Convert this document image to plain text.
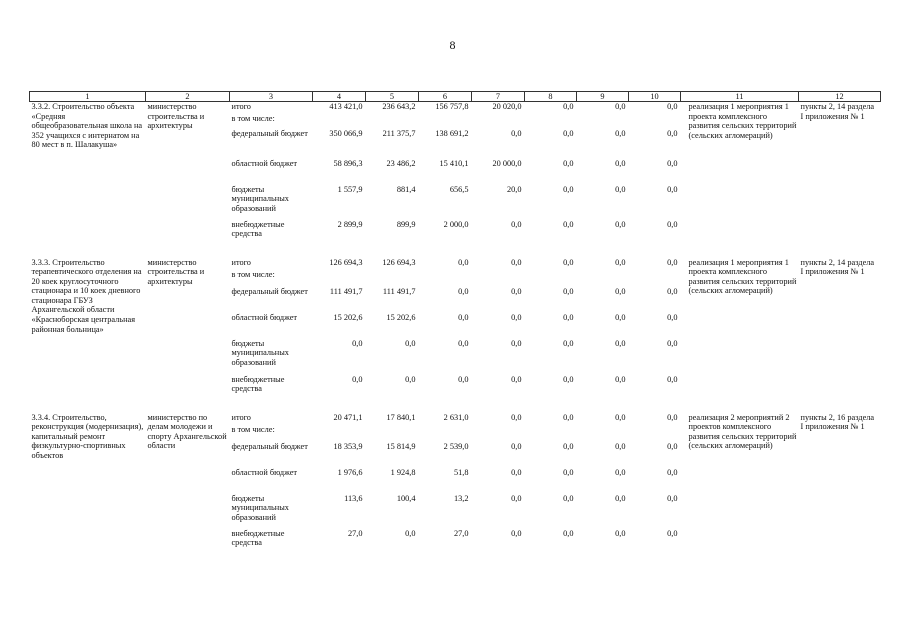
8
1	2	3	4	5	6	7	8	9	10	11	12
3.3.2. Строительство объекта «Средняя общеобразовательная школа на 352 учащихся с интернатом на 80 мест в п. Шалакуша»	министерство строительства и архитектуры	итого	413 421,0	236 643,2	156 757,8	20 020,0	0,0	0,0	0,0	реализация 1 мероприятия 1 проекта комплексного развития сельских территорий (сельских агломераций)	пункты 2, 14 раздела I приложения № 1
		в том числе:									
		федеральный бюджет	350 066,9	211 375,7	138 691,2	0,0	0,0	0,0	0,0		
		областной бюджет	58 896,3	23 486,2	15 410,1	20 000,0	0,0	0,0	0,0		
		бюджеты муниципальных образований	1 557,9	881,4	656,5	20,0	0,0	0,0	0,0		
		внебюджетные средства	2 899,9	899,9	2 000,0	0,0	0,0	0,0	0,0		

3.3.3. Строительство терапевтического отделения на 20 коек круглосуточного стационара и 10 коек дневного стационара ГБУЗ Архангельской области «Красноборская центральная районная больница»	министерство строительства и архитектуры	итого	126 694,3	126 694,3	0,0	0,0	0,0	0,0	0,0	реализация 1 мероприятия 1 проекта комплексного развития сельских территорий (сельских агломераций)	пункты 2, 14 раздела I приложения № 1
		в том числе:									
		федеральный бюджет	111 491,7	111 491,7	0,0	0,0	0,0	0,0	0,0		
		областной бюджет	15 202,6	15 202,6	0,0	0,0	0,0	0,0	0,0		
		бюджеты муниципальных образований	0,0	0,0	0,0	0,0	0,0	0,0	0,0		
		внебюджетные средства	0,0	0,0	0,0	0,0	0,0	0,0	0,0		

3.3.4. Строительство, реконструкция (модернизация), капитальный ремонт физкультурно-спортивных объектов	министерство по делам молодежи и спорту Архангельской области	итого	20 471,1	17 840,1	2 631,0	0,0	0,0	0,0	0,0	реализация 2 мероприятий 2 проектов комплексного развития сельских территорий (сельских агломераций)	пункты 2, 16 раздела I приложения № 1
		в том числе:									
		федеральный бюджет	18 353,9	15 814,9	2 539,0	0,0	0,0	0,0	0,0		
		областной бюджет	1 976,6	1 924,8	51,8	0,0	0,0	0,0	0,0		
		бюджеты муниципальных образований	113,6	100,4	13,2	0,0	0,0	0,0	0,0		
		внебюджетные средства	27,0	0,0	27,0	0,0	0,0	0,0	0,0		
